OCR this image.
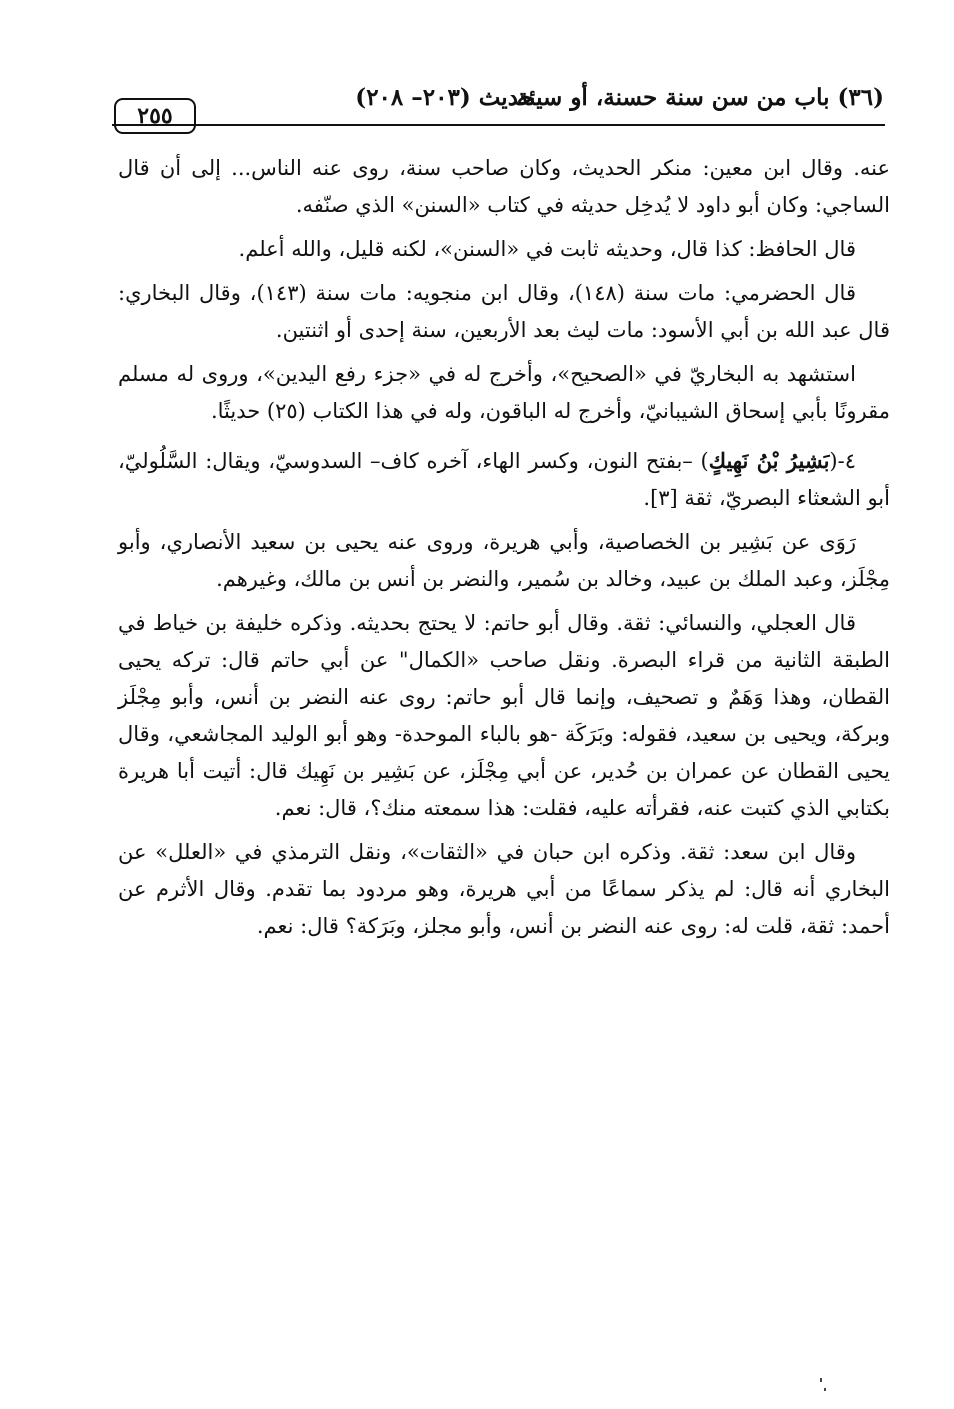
(٣٦) باب من سن سنة حسنة، أو سيئة
حديث (٢٠٣– ٢٠٨)
٢٥٥

عنه. وقال ابن معين: منكر الحديث، وكان صاحب سنة، روى عنه الناس... إلى أن قال الساجي: وكان أبو داود لا يُدخِل حديثه في كتاب «السنن» الذي صنّفه.

قال الحافظ: كذا قال، وحديثه ثابت في «السنن»، لكنه قليل، والله أعلم.

قال الحضرمي: مات سنة (١٤٨)، وقال ابن منجويه: مات سنة (١٤٣)، وقال البخاري: قال عبد الله بن أبي الأسود: مات ليث بعد الأربعين، سنة إحدى أو اثنتين.

استشهد به البخاريّ في «الصحيح»، وأخرج له في «جزء رفع اليدين»، وروى له مسلم مقرونًا بأبي إسحاق الشيبانيّ، وأخرج له الباقون، وله في هذا الكتاب (٢٥) حديثًا.

٤-(بَشِيرُ بْنُ نَهِيكٍ) –بفتح النون، وكسر الهاء، آخره كاف– السدوسيّ، ويقال: السَّلُوليّ، أبو الشعثاء البصريّ، ثقة [٣].

رَوَى عن بَشِير بن الخصاصية، وأبي هريرة، وروى عنه يحيى بن سعيد الأنصاري، وأبو مِجْلَز، وعبد الملك بن عبيد، وخالد بن سُمير، والنضر بن أنس بن مالك، وغيرهم.

قال العجلي، والنسائي: ثقة. وقال أبو حاتم: لا يحتج بحديثه. وذكره خليفة بن خياط في الطبقة الثانية من قراء البصرة. ونقل صاحب «الكمال" عن أبي حاتم قال: تركه يحيى القطان، وهذا وَهَمٌ و تصحيف، وإنما قال أبو حاتم: روى عنه النضر بن أنس، وأبو مِجْلَز وبركة، ويحيى بن سعيد، فقوله: وبَرَكَة -هو بالباء الموحدة- وهو أبو الوليد المجاشعي، وقال يحيى القطان عن عمران بن حُدير، عن أبي مِجْلَز، عن بَشِير بن نَهِيك قال: أتيت أبا هريرة بكتابي الذي كتبت عنه، فقرأته عليه، فقلت: هذا سمعته منك؟، قال: نعم.

وقال ابن سعد: ثقة. وذكره ابن حبان في «الثقات»، ونقل الترمذي في «العلل» عن البخاري أنه قال: لم يذكر سماعًا من أبي هريرة، وهو مردود بما تقدم. وقال الأثرم عن أحمد: ثقة، قلت له: روى عنه النضر بن أنس، وأبو مجلز، وبَرَكة؟ قال: نعم.
